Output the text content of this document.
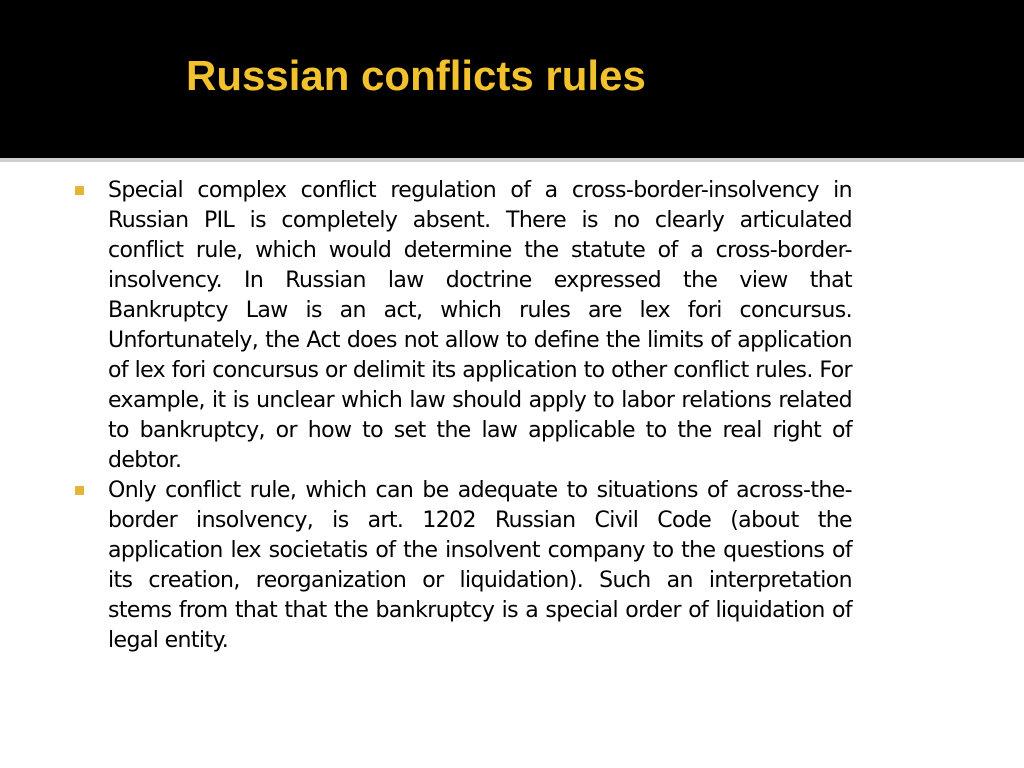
Russian conflicts rules
Special complex conflict regulation of a cross-border-insolvency in Russian PIL is completely absent. There is no clearly articulated conflict rule, which would determine the statute of a cross-border-insolvency. In Russian law doctrine expressed the view that Bankruptcy Law is an act, which rules are lex fori concursus. Unfortunately, the Act does not allow to define the limits of application of lex fori concursus or delimit its application to other conflict rules. For example, it is unclear which law should apply to labor relations related to bankruptcy, or how to set the law applicable to the real right of debtor.
Only conflict rule, which can be adequate to situations of across-the-border insolvency, is art. 1202 Russian Civil Code (about the application lex societatis of the insolvent company to the questions of its creation, reorganization or liquidation). Such an interpretation stems from that that the bankruptcy is a special order of liquidation of legal entity.
